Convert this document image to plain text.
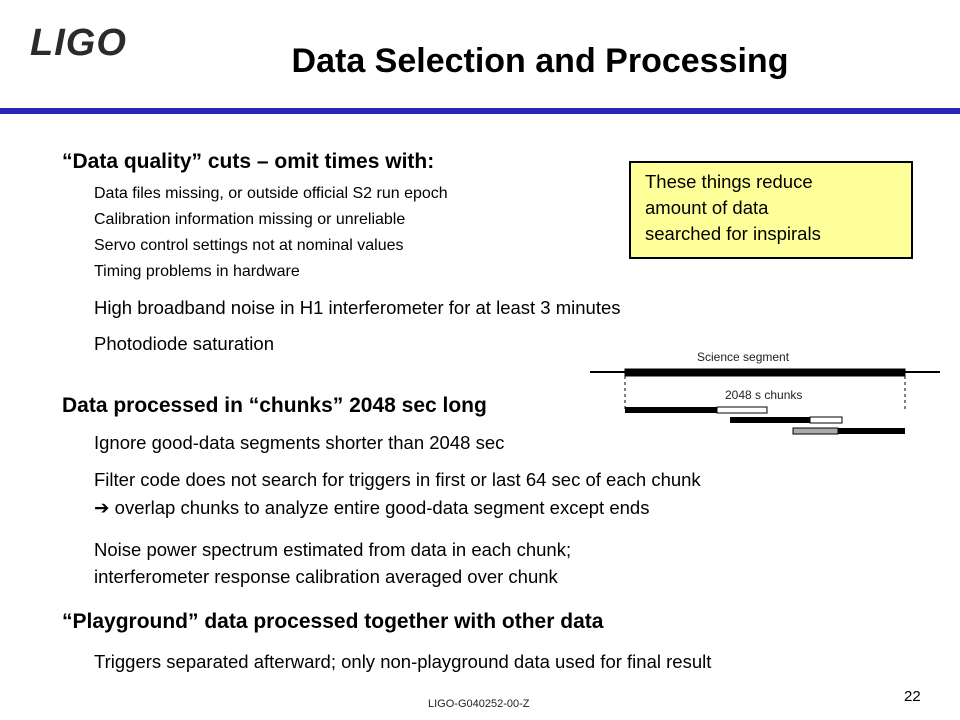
LIGO	Data Selection and Processing
“Data quality” cuts – omit times with:
Data files missing, or outside official S2 run epoch
Calibration information missing or unreliable
Servo control settings not at nominal values
Timing problems in hardware
High broadband noise in H1 interferometer for at least 3 minutes
Photodiode saturation
These things reduce
amount of data
searched for inspirals
Science segment
2048 s chunks
Data processed in “chunks” 2048 sec long
Ignore good-data segments shorter than 2048 sec
Filter code does not search for triggers in first or last 64 sec of each chunk
➔ overlap chunks to analyze entire good-data segment except ends
Noise power spectrum estimated from data in each chunk;
interferometer response calibration averaged over chunk
“Playground” data processed together with other data
Triggers separated afterward; only non-playground data used for final result
LIGO-G040252-00-Z	22
